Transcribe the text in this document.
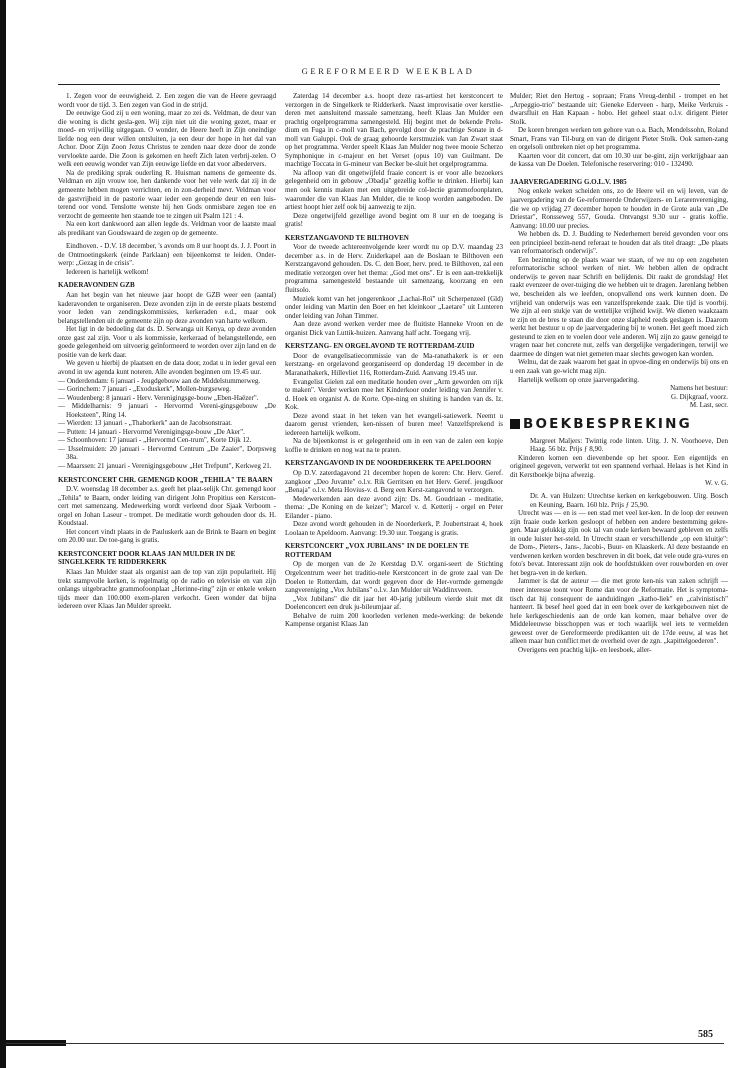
GEREFORMEERD WEEKBLAD

1. Zegen voor de eeuwigheid. 2. Een zegen die van de Heere gevraagd wordt voor de tijd. 3. Een zegen van God in de strijd.

De eeuwige God zij u een woning, maar zo zei ds. Veldman, de deur van die woning is dicht gesla-gen. Wij zijn niet uit die woning gezet, maar er moed- en vrijwillig uitgegaan. O wonder, de Heere heeft in Zijn oneindige liefde nog een deur willen ontsluiten, ja een deur der hope in het dal van Achor. Door Zijn Zoon Jezus Christus te zenden naar deze door de zonde vervloekte aarde. Die Zoon is gekomen en heeft Zich laten verbrij-zelen. O welk een eeuwig wonder van Zijn eeuwige liefde en dat voor albedervers.

Na de prediking sprak ouderling R. Huisman namens de gemeente ds. Veldman en zijn vrouw toe, hen dankende voor het vele werk dat zij in de gemeente hebben mogen verrichten, en in zon-derheid mevr. Veldman voor de gastvrijheid in de pastorie waar ieder een geopende deur en een luis-terend oor vond. Tenslotte wenste hij hen Gods onmisbare zegen toe en verzocht de gemeente hen staande toe te zingen uit Psalm 121 : 4.

Na een kort dankwoord aan allen legde ds. Veldman voor de laatste maal als predikant van Goudswaard de zegen op de gemeente.

Eindhoven. - D.V. 18 december, 's avonds om 8 uur hoopt ds. J. J. Poort in de Ontmoetingskerk (einde Parklaan) een bijeenkomst te leiden. Onder-werp: „Gezag in de crisis".

Iedereen is hartelijk welkom!

KADERAVONDEN GZB

Aan het begin van het nieuwe jaar hoopt de GZB weer een (aantal) kaderavonden te organiseren. Deze avonden zijn in de eerste plaats bestemd voor leden van zendingskommissies, kerkeraden e.d., maar ook belangstellenden uit de gemeente zijn op deze avonden van harte welkom.

Het ligt in de bedoeling dat ds. D. Serwanga uit Kenya, op deze avonden onze gast zal zijn. Voor u als kommissie, kerkeraad of belangstellende, een goede gelegenheid om uitvoerig geïnformeerd te worden over zijn land en de positie van de kerk daar.

We geven u hierbij de plaatsen en de data door, zodat u in ieder geval een avond in uw agenda kunt noteren. Alle avonden beginnen om 19.45 uur.

— Onderdendam: 6 januari - Jeugdgebouw aan de Middelstummerweg.
— Gorinchem: 7 januari - „Exoduskerk", Mollen-burgseweg.
— Woudenberg: 8 januari - Herv. Verenigingsge-bouw „Eben-Haëzer".
— Middelharnis: 9 januari - Hervormd Vereni-gingsgebouw „De Hoeksteen", Ring 14.
— Wierden: 13 januari - „Thaborkerk" aan de Jacobsonstraat.
— Putten: 14 januari - Hervormd Verenigingsge-bouw „De Aker".
— Schoonhoven: 17 januari - „Hervormd Cen-trum", Korte Dijk 12.
— IJsselmuiden: 20 januari - Hervormd Centrum „De Zaaier", Dorpsweg 38a.
— Maarssen: 21 januari - Verenigingsgebouw „Het Trefpunt", Kerkweg 21.
KERSTCONCERT CHR. GEMENGD KOOR „TEHILA" TE BAARN

D.V. woensdag 18 december a.s. geeft het plaat-selijk Chr. gemengd koor „Tehila" te Baarn, onder leiding van dirigent John Propitius een Kerstcon-cert met samenzang. Medewerking wordt verleend door Sjaak Verboom - orgel en Johan Laseur - trompet. De meditatie wordt gehouden door ds. H. Koudstaal.

Het concert vindt plaats in de Pauluskerk aan de Brink te Baarn en begint om 20.00 uur. De toe-gang is gratis.

KERSTCONCERT DOOR KLAAS JAN MULDER IN DE SINGELKERK TE RIDDERKERK

Klaas Jan Mulder staat als organist aan de top van zijn populariteit. Hij trekt stampvolle kerken, is regelmatig op de radio en televisie en van zijn onlangs uitgebrachte grammofoonplaat „Herinne-ring" zijn er enkele weken tijds meer dan 100.000 exem-plaren verkocht. Geen wonder dat bijna iedereen over Klaas Jan Mulder spreekt.

Zaterdag 14 december a.s. hoopt deze ras-artiest het kerstconcert te verzorgen in de Singelkerk te Ridderkerk. Naast improvisatie over kerstlie-deren met aansluitend massale samenzang, heeft Klaas Jan Mulder een prachtig orgelprogramma samengesteld. Hij begint met de bekende Prelu-dium en Fuga in c-moll van Bach, gevolgd door de prachtige Sonate in d-moll van Galuppi. Ook de graag gehoorde kerstmuziek van Jan Zwart staat op het programma. Verder speelt Klaas Jan Mulder nog twee mooie Scherzo Symphonique in c-majeur en het Verset (opus 10) van Guilmant. De machtige Toccata in G-mineur van Becker be-sluit het orgelprogramma.

Na afloop van dit ongetwijfeld fraaie concert is er voor alle bezoekers gelegenheid om in gebouw „Obadja" gezellig koffie te drinken. Hierbij kan men ook kennis maken met een uitgebreide col-lectie grammofoonplaten, waaronder die van Klaas Jan Mulder, die te koop worden aangeboden. De artiest hoopt hier zelf ook bij aanwezig te zijn.

Deze ongetwijfeld gezellige avond begint om 8 uur en de toegang is gratis!

KERSTZANGAVOND TE BILTHOVEN

Voor de tweede achtereenvolgende keer wordt nu op D.V. maandag 23 december a.s. in de Herv. Zuiderkapel aan de Boslaan te Bilthoven een Kerstzangavond gehouden. Ds. C. den Boer, herv. pred. te Bilthoven, zal een meditatie verzorgen over het thema: „God met ons". Er is een aan-trekkelijk programma samengesteld bestaande uit samenzang, koorzang en een fluitsolo.

Muziek komt van het jongerenkoor „Lachai-Roï" uit Scherpenzeel (Gld) onder leiding van Martin den Boer en het kleinkoor „Laetare" uit Lunteren onder leiding van Johan Timmer.

Aan deze avond werken verder mee de fluitiste Hanneke Vroon en de organist Dick van Luttik-huizen. Aanvang half acht. Toegang vrij.

KERSTZANG- EN ORGELAVOND TE ROTTERDAM-ZUID

Door de evangelisatiecommissie van de Ma-ranathakerk is er een kerstzang- en orgelavond georganiseerd op donderdag 19 december in de Maranathakerk, Hillevliet 116, Rotterdam-Zuid. Aanvang 19.45 uur.

Evangelist Gielen zal een meditatie houden over „Arm geworden om rijk te maken". Verder werken mee het Kinderkoor onder leiding van Jennifer v. d. Hoek en organist A. de Korte. Ope-ning en sluiting is handen van ds. Iz. Kok.

Deze avond staat in het teken van het evangeli-satiewerk. Neemt u daarom gerust vrienden, ken-nissen of buren mee! Vanzelfsprekend is iedereen hartelijk welkom.

Na de bijeenkomst is er gelegenheid om in een van de zalen een kopje koffie te drinken en nog wat na te praten.

KERSTZANGAVOND IN DE NOORDERKERK TE APELDOORN

Op D.V. zaterdagavond 21 december hopen de koren: Chr. Herv. Geref. zangkoor „Deo Juvante" o.l.v. Rik Gerritsen en het Herv. Geref. jeugdkoor „Benaja" o.l.v. Meta Hovius-v. d. Berg een Kerst-zangavond te verzorgen.

Medewerkenden aan deze avond zijn: Ds. M. Goudriaan - meditatie, thema: „De Koning en de keizer"; Marcel v. d. Ketterij - orgel en Peter Eilander - piano.

Deze avond wordt gehouden in de Noorderkerk, P. Joubertstraat 4, hoek Loolaan te Apeldoorn. Aanvang: 19.30 uur. Toegang is gratis.

KERSTCONCERT „VOX JUBILANS" IN DE DOELEN TE ROTTERDAM

Op de morgen van de 2e Kerstdag D.V. organi-seert de Stichting Orgelcentrum weer het traditio-nele Kerstconcert in de grote zaal van De Doelen te Rotterdam, dat wordt gegeven door de Her-vormde gemengde zangvereniging „Vox Jubilans" o.l.v. Jan Mulder uit Waddinxveen.

„Vox Jubilans" die dit jaar het 40-jarig jubileum vierde sluit met dit Doelenconcert een druk ju-bileumjaar af.

Behalve de ruim 200 koorleden verlenen mede-werking: de bekende Kampense organist Klaas Jan

Mulder; Riet den Hertog - sopraan; Frans Vreug-denhil - trompet en het „Arpeggio-trio" bestaande uit: Gieneke Ederveen - harp, Meike Verkruis - dwarsfluit en Han Kapaan - hobo. Het geheel staat o.l.v. dirigent Pieter Stolk.

De koren brengen werken ten gehore van o.a. Bach, Mendelssohn, Roland Smart, Frans van Til-burg en van de dirigent Pieter Stolk. Ook samen-zang en orgelsoli ontbreken niet op het programma.

Kaarten voor dit concert, dat om 10.30 uur be-gint, zijn verkrijgbaar aan de kassa van De Doelen. Telefonische reservering: 010 - 132490.

JAARVERGADERING G.O.L.V. 1985

Nog enkele weken scheiden ons, zo de Heere wil en wij leven, van de jaarvergadering van de Ge-reformeerde Onderwijzers- en Lerarenvereniging, die we op vrijdag 27 december hopen te houden in de Grote aula van „De Driestar", Ronsseweg 557, Gouda. Ontvangst 9.30 uur - gratis koffie. Aanvang: 10.00 uur precies.

We hebben ds. D. J. Budding te Nederhemert bereid gevonden voor ons een principieel bezin-nend referaat te houden dat als titel draagt: „De plaats van reformatorisch onderwijs".

Een bezinning op de plaats waar we staan, of we nu op een zogeheten reformatorische school werken of niet. We hebben allen de opdracht onderwijs te geven naar Schrift en belijdenis. Dit raakt de grondslag! Het raakt evenzeer de over-tuiging die we hebben uit te dragen. Jarenlang hebben we, bescheiden als we leefden, onopvallend ons werk kunnen doen. De vrijheid van onderwijs was een vanzelfsprekende zaak. Die tijd is voorbij. We zijn al een stukje van de wettelijke vrijheid kwijt. We dienen waakzaam te zijn en de bres te staan die door onze slapheid reeds geslagen is. Daarom werkt het bestuur u op de jaarvergadering bij te wonen. Het geeft moed zich gesteund te zien en te voelen door vele anderen. Wij zijn zo gauw geneigd te vragen naar het concrete nut, zelfs van dergelijke vergaderingen, terwijl we daarmee de dingen wat niet gemeten maar slechts gewogen kan worden.

Welnu, dat de zaak waarom het gaat in opvoe-ding en onderwijs bij ons en u een zaak van ge-wicht mag zijn.

Hartelijk welkom op onze jaarvergadering.

Namens het bestuur:
G. Dijkgraaf, voorz.
M. Last, secr.
BOEKBESPREKING

Margreet Maljers: Twintig rode linten. Uitg. J. N. Voorhoeve, Den Haag. 56 blz. Prijs ƒ 8,90.

Kinderen komen een dievenbende op het spoor. Een eigentijds en origineel gegeven, verwerkt tot een spannend verhaal. Helaas is het Kind in dit Kerstboekje bijna afwezig.

W. v. G.

Dr. A. van Hulzen: Utrechtse kerken en kerkgebouwen. Uitg. Bosch en Keuning, Baarn. 160 blz. Prijs ƒ 25,90.

Utrecht was — en is — een stad met veel ker-ken. In de loop der eeuwen zijn fraaie oude kerken gesloopt of hebben een andere bestemming gekre-gen. Maar gelukkig zijn ook tal van oude kerken bewaard gebleven en zelfs in oude luister her-steld. In Utrecht staan er verschillende „op een kluitje": de Dom-, Pieters-, Jans-, Jacobi-, Buur- en Klaaskerk. Al deze bestaande en verdwenen kerken worden beschreven in dit boek, dat vele oude gra-vures en foto's bevat. Interessant zijn ook de hoofdstukken over rouwborden en over het begra-ven in de kerken.

Jammer is dat de auteur — die met grote ken-nis van zaken schrijft — meer interesse toont voor Rome dan voor de Reformatie. Het is symptoma-tisch dat hij consequent de aanduidingen „katho-liek" en „calvinistisch" hanteert. Ik besef heel goed dat in een boek over de kerkgebouwen niet de hele kerkgeschiedenis aan de orde kan komen, maar behalve over de Middeleeuwse bisschoppen was er toch waarlijk wel iets te vermelden geweest over de Gereformeerde predikanten uit de 17de eeuw, al was het alleen maar hun conflict met de overheid over de zgn. „kapittelgoederen".

Overigens een prachtig kijk- en leesboek, aller-

585
